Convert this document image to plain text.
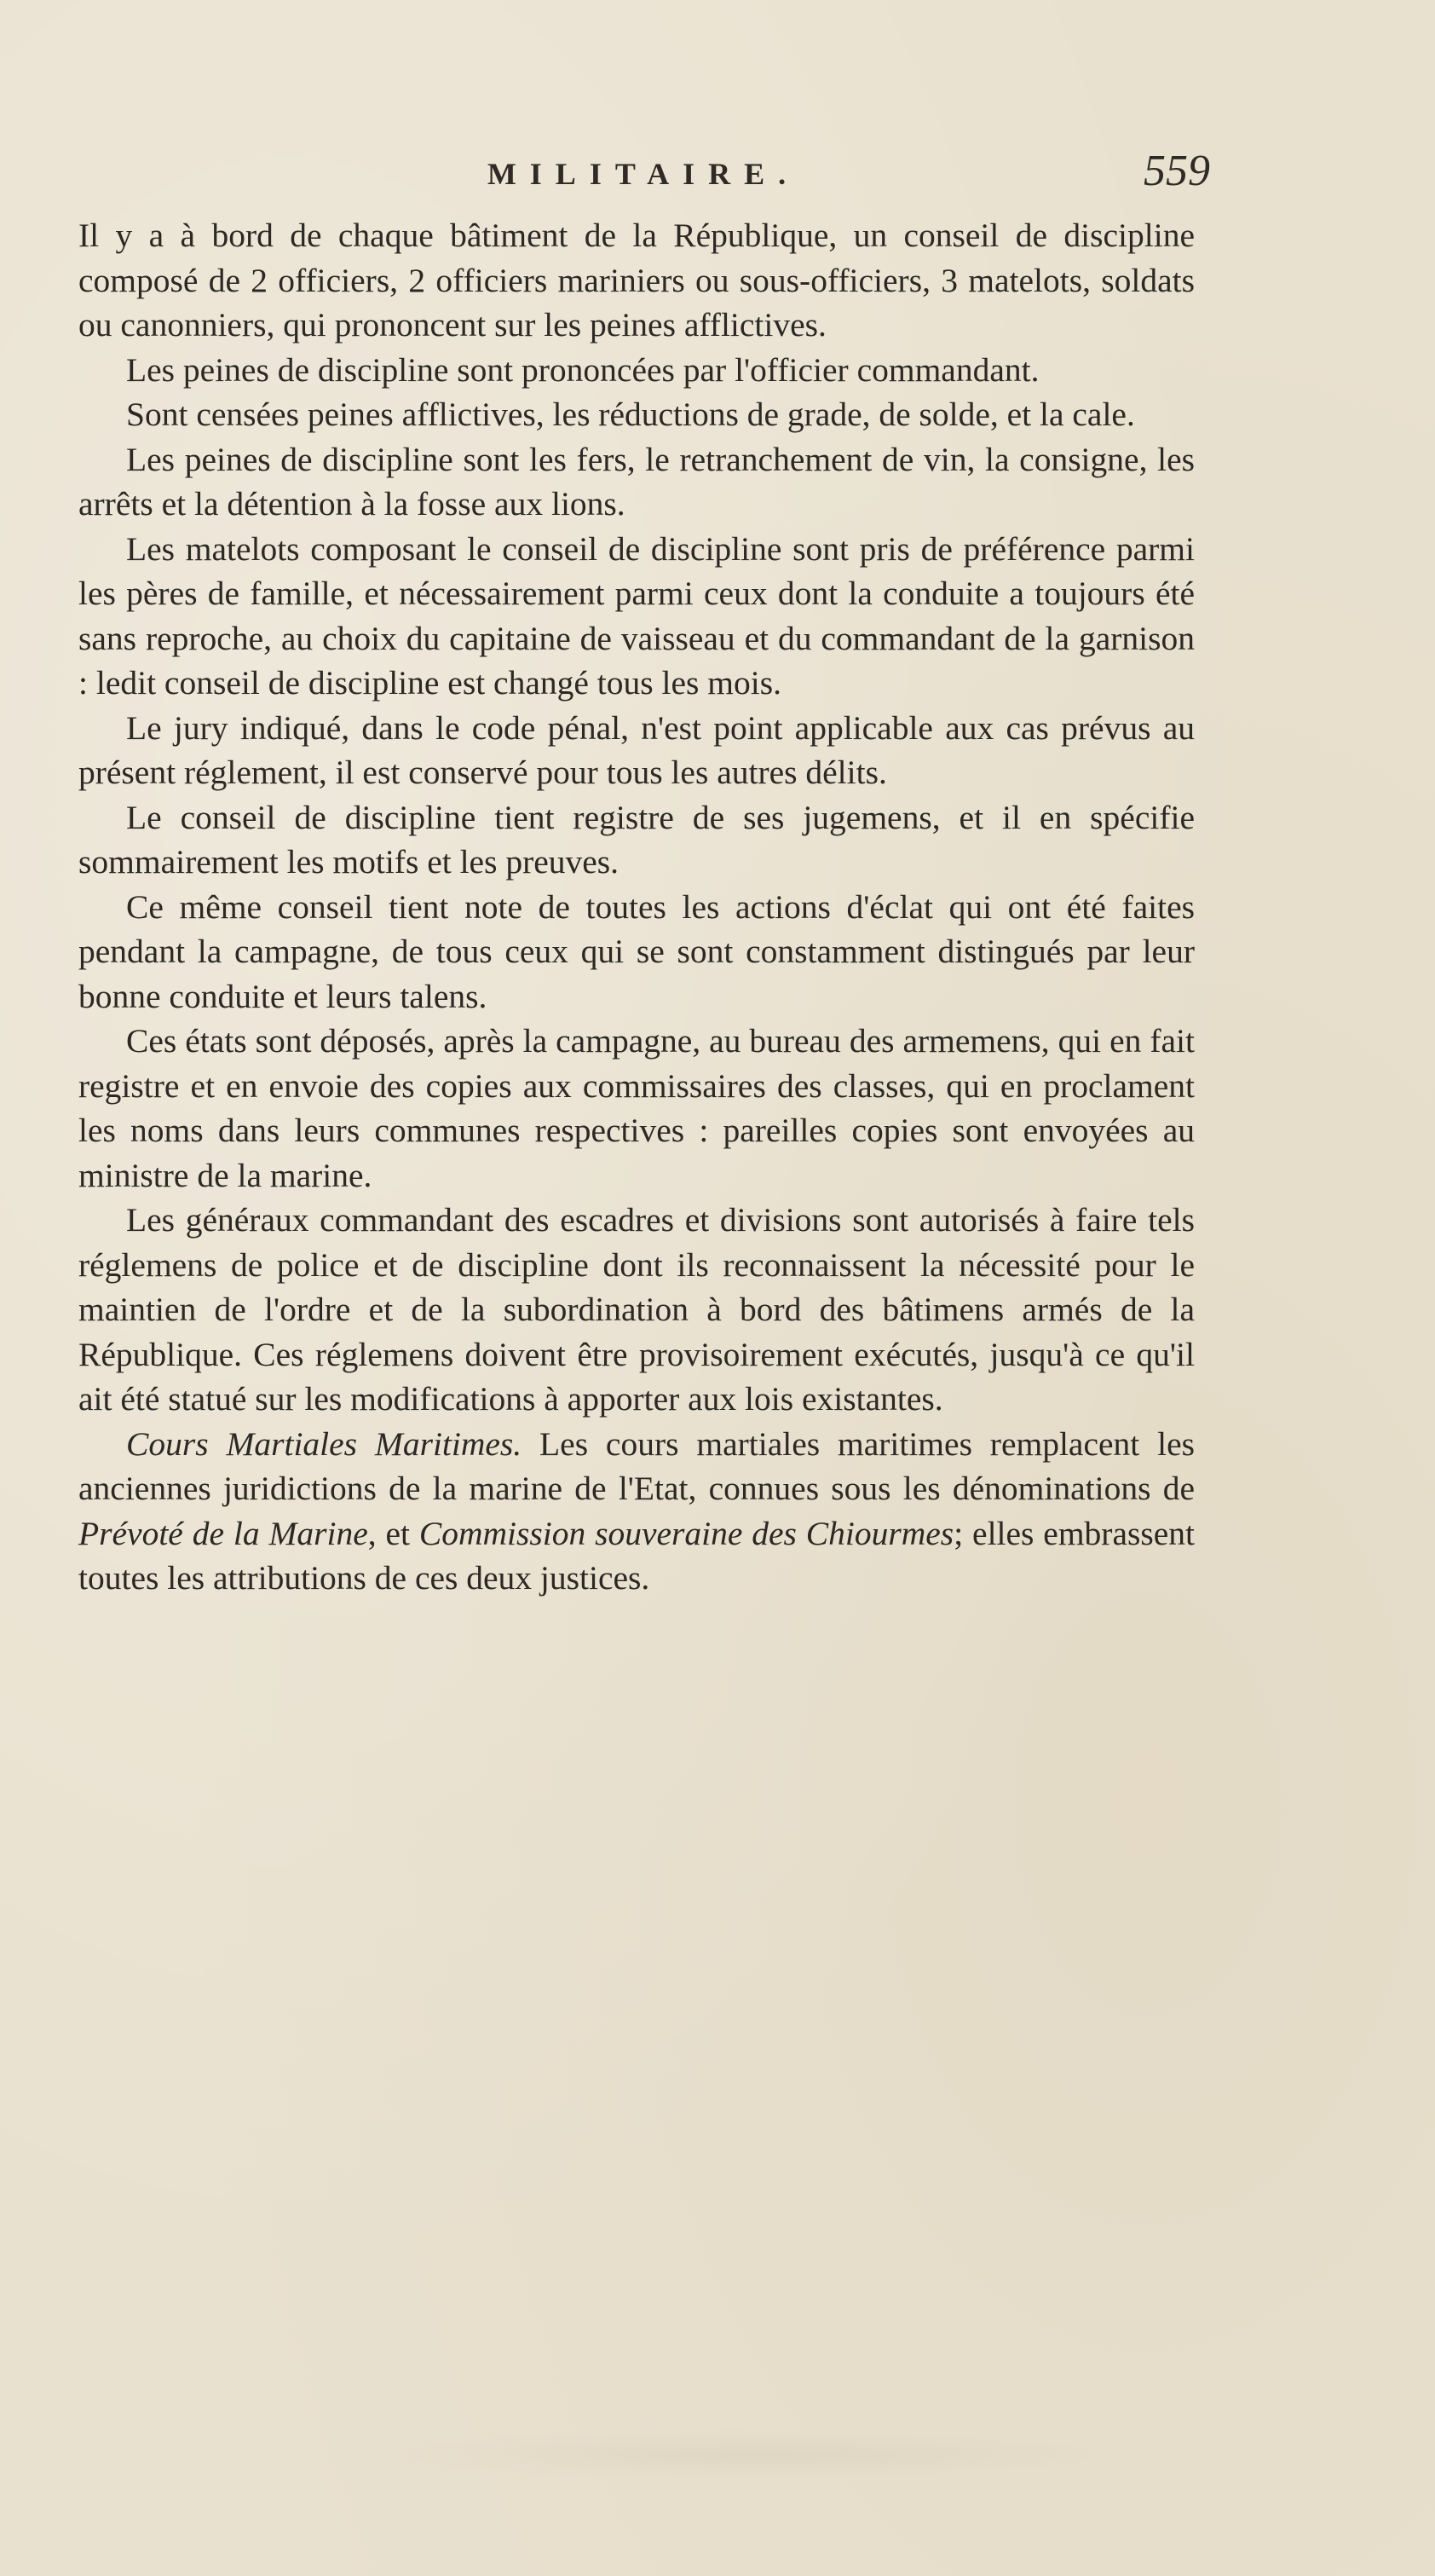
MILITAIRE.	559

Il y a à bord de chaque bâtiment de la République, un conseil de discipline composé de 2 officiers, 2 officiers mariniers ou sous-officiers, 3 matelots, soldats ou canonniers, qui prononcent sur les peines afflictives.

Les peines de discipline sont prononcées par l'officier commandant.

Sont censées peines afflictives, les réductions de grade, de solde, et la cale.

Les peines de discipline sont les fers, le retranchement de vin, la consigne, les arrêts et la détention à la fosse aux lions.

Les matelots composant le conseil de discipline sont pris de préférence parmi les pères de famille, et nécessairement parmi ceux dont la conduite a toujours été sans reproche, au choix du capitaine de vaisseau et du commandant de la garnison : ledit conseil de discipline est changé tous les mois.

Le jury indiqué, dans le code pénal, n'est point applicable aux cas prévus au présent réglement, il est conservé pour tous les autres délits.

Le conseil de discipline tient registre de ses jugemens, et il en spécifie sommairement les motifs et les preuves.

Ce même conseil tient note de toutes les actions d'éclat qui ont été faites pendant la campagne, de tous ceux qui se sont constamment distingués par leur bonne conduite et leurs talens.

Ces états sont déposés, après la campagne, au bureau des armemens, qui en fait registre et en envoie des copies aux commissaires des classes, qui en proclament les noms dans leurs communes respectives : pareilles copies sont envoyées au ministre de la marine.

Les généraux commandant des escadres et divisions sont autorisés à faire tels réglemens de police et de discipline dont ils reconnaissent la nécessité pour le maintien de l'ordre et de la subordination à bord des bâtimens armés de la République. Ces réglemens doivent être provisoirement exécutés, jusqu'à ce qu'il ait été statué sur les modifications à apporter aux lois existantes.

Cours Martiales Maritimes. Les cours martiales maritimes remplacent les anciennes juridictions de la marine de l'Etat, connues sous les dénominations de Prévoté de la Marine, et Commission souveraine des Chiourmes; elles embrassent toutes les attributions de ces deux justices.
